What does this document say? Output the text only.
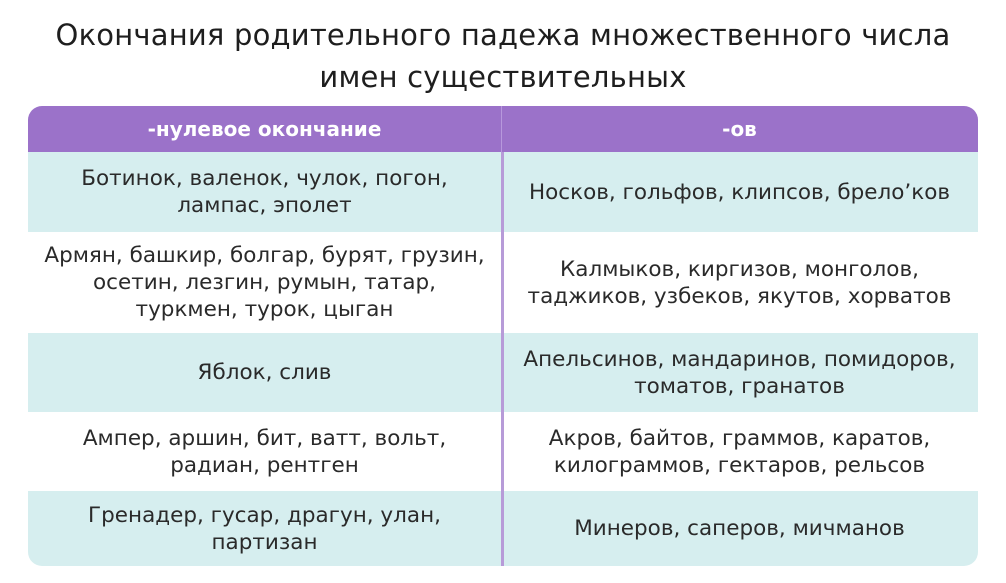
Окончания родительного падежа множественного числа
имен существительных
-нулевое окончание	-ов
Ботинок, валенок, чулок, погон, лампас, эполет
Носков, гольфов, клипсов, брело’ков
Армян, башкир, болгар, бурят, грузин, осетин, лезгин, румын, татар, туркмен, турок, цыган
Калмыков, киргизов, монголов, таджиков, узбеков, якутов, хорватов
Яблок, слив
Апельсинов, мандаринов, помидоров, томатов, гранатов
Ампер, аршин, бит, ватт, вольт, радиан, рентген
Акров, байтов, граммов, каратов, килограммов, гектаров, рельсов
Гренадер, гусар, драгун, улан, партизан
Минеров, саперов, мичманов
